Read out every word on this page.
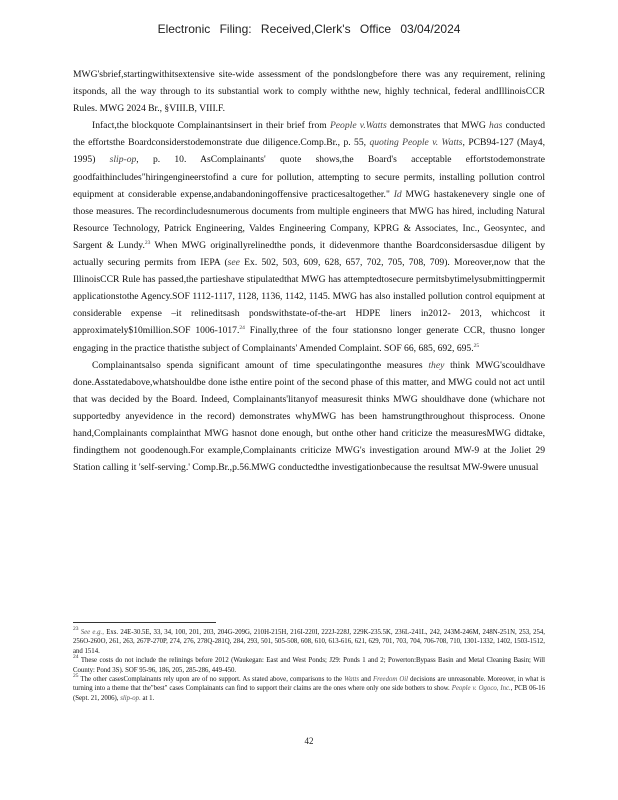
Electronic Filing: Received,Clerk's Office 03/04/2024

MWG'sbrief,startingwithitsextensive site-wide assessment of the pondslongbefore there was any requirement, relining itsponds, all the way through to its substantial work to comply withthe new, highly technical, federal andIllinoisCCR Rules. MWG 2024 Br., §VIII.B, VIII.F.

Infact,the blockquote Complainantsinsert in their brief from People v.Watts demonstrates that MWG has conducted the effortsthe Boardconsiderstodemonstrate due diligence.Comp.Br., p. 55, quoting People v. Watts, PCB94-127 (May4, 1995) slip-op, p. 10. AsComplainants' quote shows,the Board's acceptable effortstodemonstrate goodfaithincludes"hiringengineerstofind a cure for pollution, attempting to secure permits, installing pollution control equipment at considerable expense,andabandoningoffensive practicesaltogether." Id MWG hastakenevery single one of those measures. The recordincludesnumerous documents from multiple engineers that MWG has hired, including Natural Resource Technology, Patrick Engineering, Valdes Engineering Company, KPRG & Associates, Inc., Geosyntec, and Sargent & Lundy.$^{23}$ When MWG originallyrelinedthe ponds, it didevenmore thanthe Boardconsidersasdue diligent by actually securing permits from IEPA (see Ex. 502, 503, 609, 628, 657, 702, 705, 708, 709). Moreover,now that the IllinoisCCR Rule has passed,the partieshave stipulatedthat MWG has attemptedtosecure permitsbytimelysubmittingpermit applicationstothe Agency.SOF 1112-1117, 1128, 1136, 1142, 1145. MWG has also installed pollution control equipment at considerable expense –it relineditsash pondswithstate-of-the-art HDPE liners in2012- 2013, whichcost it approximately$10million.SOF 1006-1017.24 Finally,three of the four stationsno longer generate CCR, thusno longer engaging in the practice thatisthe subject of Complainants' Amended Complaint. SOF 66, 685, 692, 695.25

Complainantsalso spenda significant amount of time speculatingonthe measures they think MWG'scouldhave done.Asstatedabove,whatshouldbe done isthe entire point of the second phase of this matter, and MWG could not act until that was decided by the Board. Indeed, Complainants'litanyof measuresit thinks MWG shouldhave done (whichare not supportedby anyevidence in the record) demonstrates whyMWG has been hamstrungthroughout thisprocess. Onone hand,Complainants complainthat MWG hasnot done enough, but onthe other hand criticize the measuresMWG didtake, findingthem not goodenough.For example,Complainants criticize MWG's investigation around MW-9 at the Joliet 29 Station calling it 'self-serving.' Comp.Br.,p.56.MWG conductedthe investigationbecause the resultsat MW-9were unusual

$^{23}$ See e.g., Exs. 24E-30.5E, 33, 34, 100, 201, 203, 204G-209G, 210H-215H, 216I-220I, 222J-228J, 229K-235.5K, 236L-241L, 242, 243M-246M, 248N-251N, 253, 254, 256O-260O, 261, 263, 267P-270P, 274, 276, 278Q-281Q, 284, 293, 501, 505-508, 608, 610, 613-616, 621, 629, 701, 703, 704, 706-708, 710, 1301-1332, 1402, 1503-1512, and 1514.

$^{24}$ These costs do not include the relinings before 2012 (Waukegan: East and West Ponds; J29: Ponds 1 and 2; Powerton:Bypass Basin and Metal Cleaning Basin; Will County: Pond 3S). SOF 95-96, 186, 205, 285-286, 449-450.

$^{25}$ The other casesComplainants rely upon are of no support. As stated above, comparisons to the Watts and Freedom Oil decisions are unreasonable. Moreover, in what is turning into a theme that the"best" cases Complainants can find to support their claims are the ones where only one side bothers to show. People v. Ogoco, Inc., PCB 06-16 (Sept. 21, 2006), slip-op. at 1.

42
